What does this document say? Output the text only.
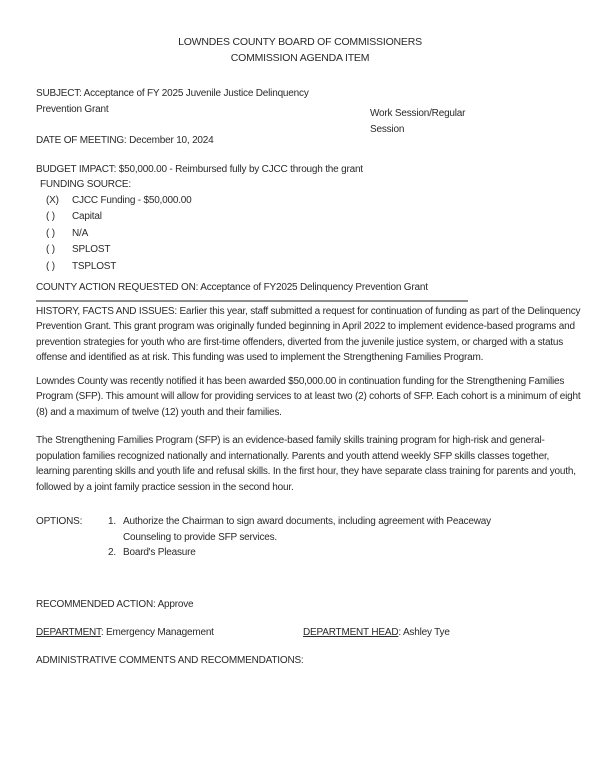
LOWNDES COUNTY BOARD OF COMMISSIONERS
COMMISSION AGENDA ITEM
SUBJECT: Acceptance of FY 2025 Juvenile Justice Delinquency Prevention Grant	Work Session/Regular Session
DATE OF MEETING: December 10, 2024
BUDGET IMPACT: $50,000.00 - Reimbursed fully by CJCC through the grant
FUNDING SOURCE:
(X) CJCC Funding - $50,000.00
( ) Capital
( ) N/A
( ) SPLOST
( ) TSPLOST
COUNTY ACTION REQUESTED ON: Acceptance of FY2025 Delinquency Prevention Grant

HISTORY, FACTS AND ISSUES: Earlier this year, staff submitted a request for continuation of funding as part of the Delinquency Prevention Grant. This grant program was originally funded beginning in April 2022 to implement evidence-based programs and prevention strategies for youth who are first-time offenders, diverted from the juvenile justice system, or charged with a status offense and identified as at risk. This funding was used to implement the Strengthening Families Program.

Lowndes County was recently notified it has been awarded $50,000.00 in continuation funding for the Strengthening Families Program (SFP). This amount will allow for providing services to at least two (2) cohorts of SFP. Each cohort is a minimum of eight (8) and a maximum of twelve (12) youth and their families.

The Strengthening Families Program (SFP) is an evidence-based family skills training program for high-risk and general-population families recognized nationally and internationally. Parents and youth attend weekly SFP skills classes together, learning parenting skills and youth life and refusal skills. In the first hour, they have separate class training for parents and youth, followed by a joint family practice session in the second hour.

OPTIONS:	1. Authorize the Chairman to sign award documents, including agreement with Peaceway Counseling to provide SFP services.
2. Board's Pleasure
RECOMMENDED ACTION: Approve
DEPARTMENT: Emergency Management	DEPARTMENT HEAD: Ashley Tye
ADMINISTRATIVE COMMENTS AND RECOMMENDATIONS:
